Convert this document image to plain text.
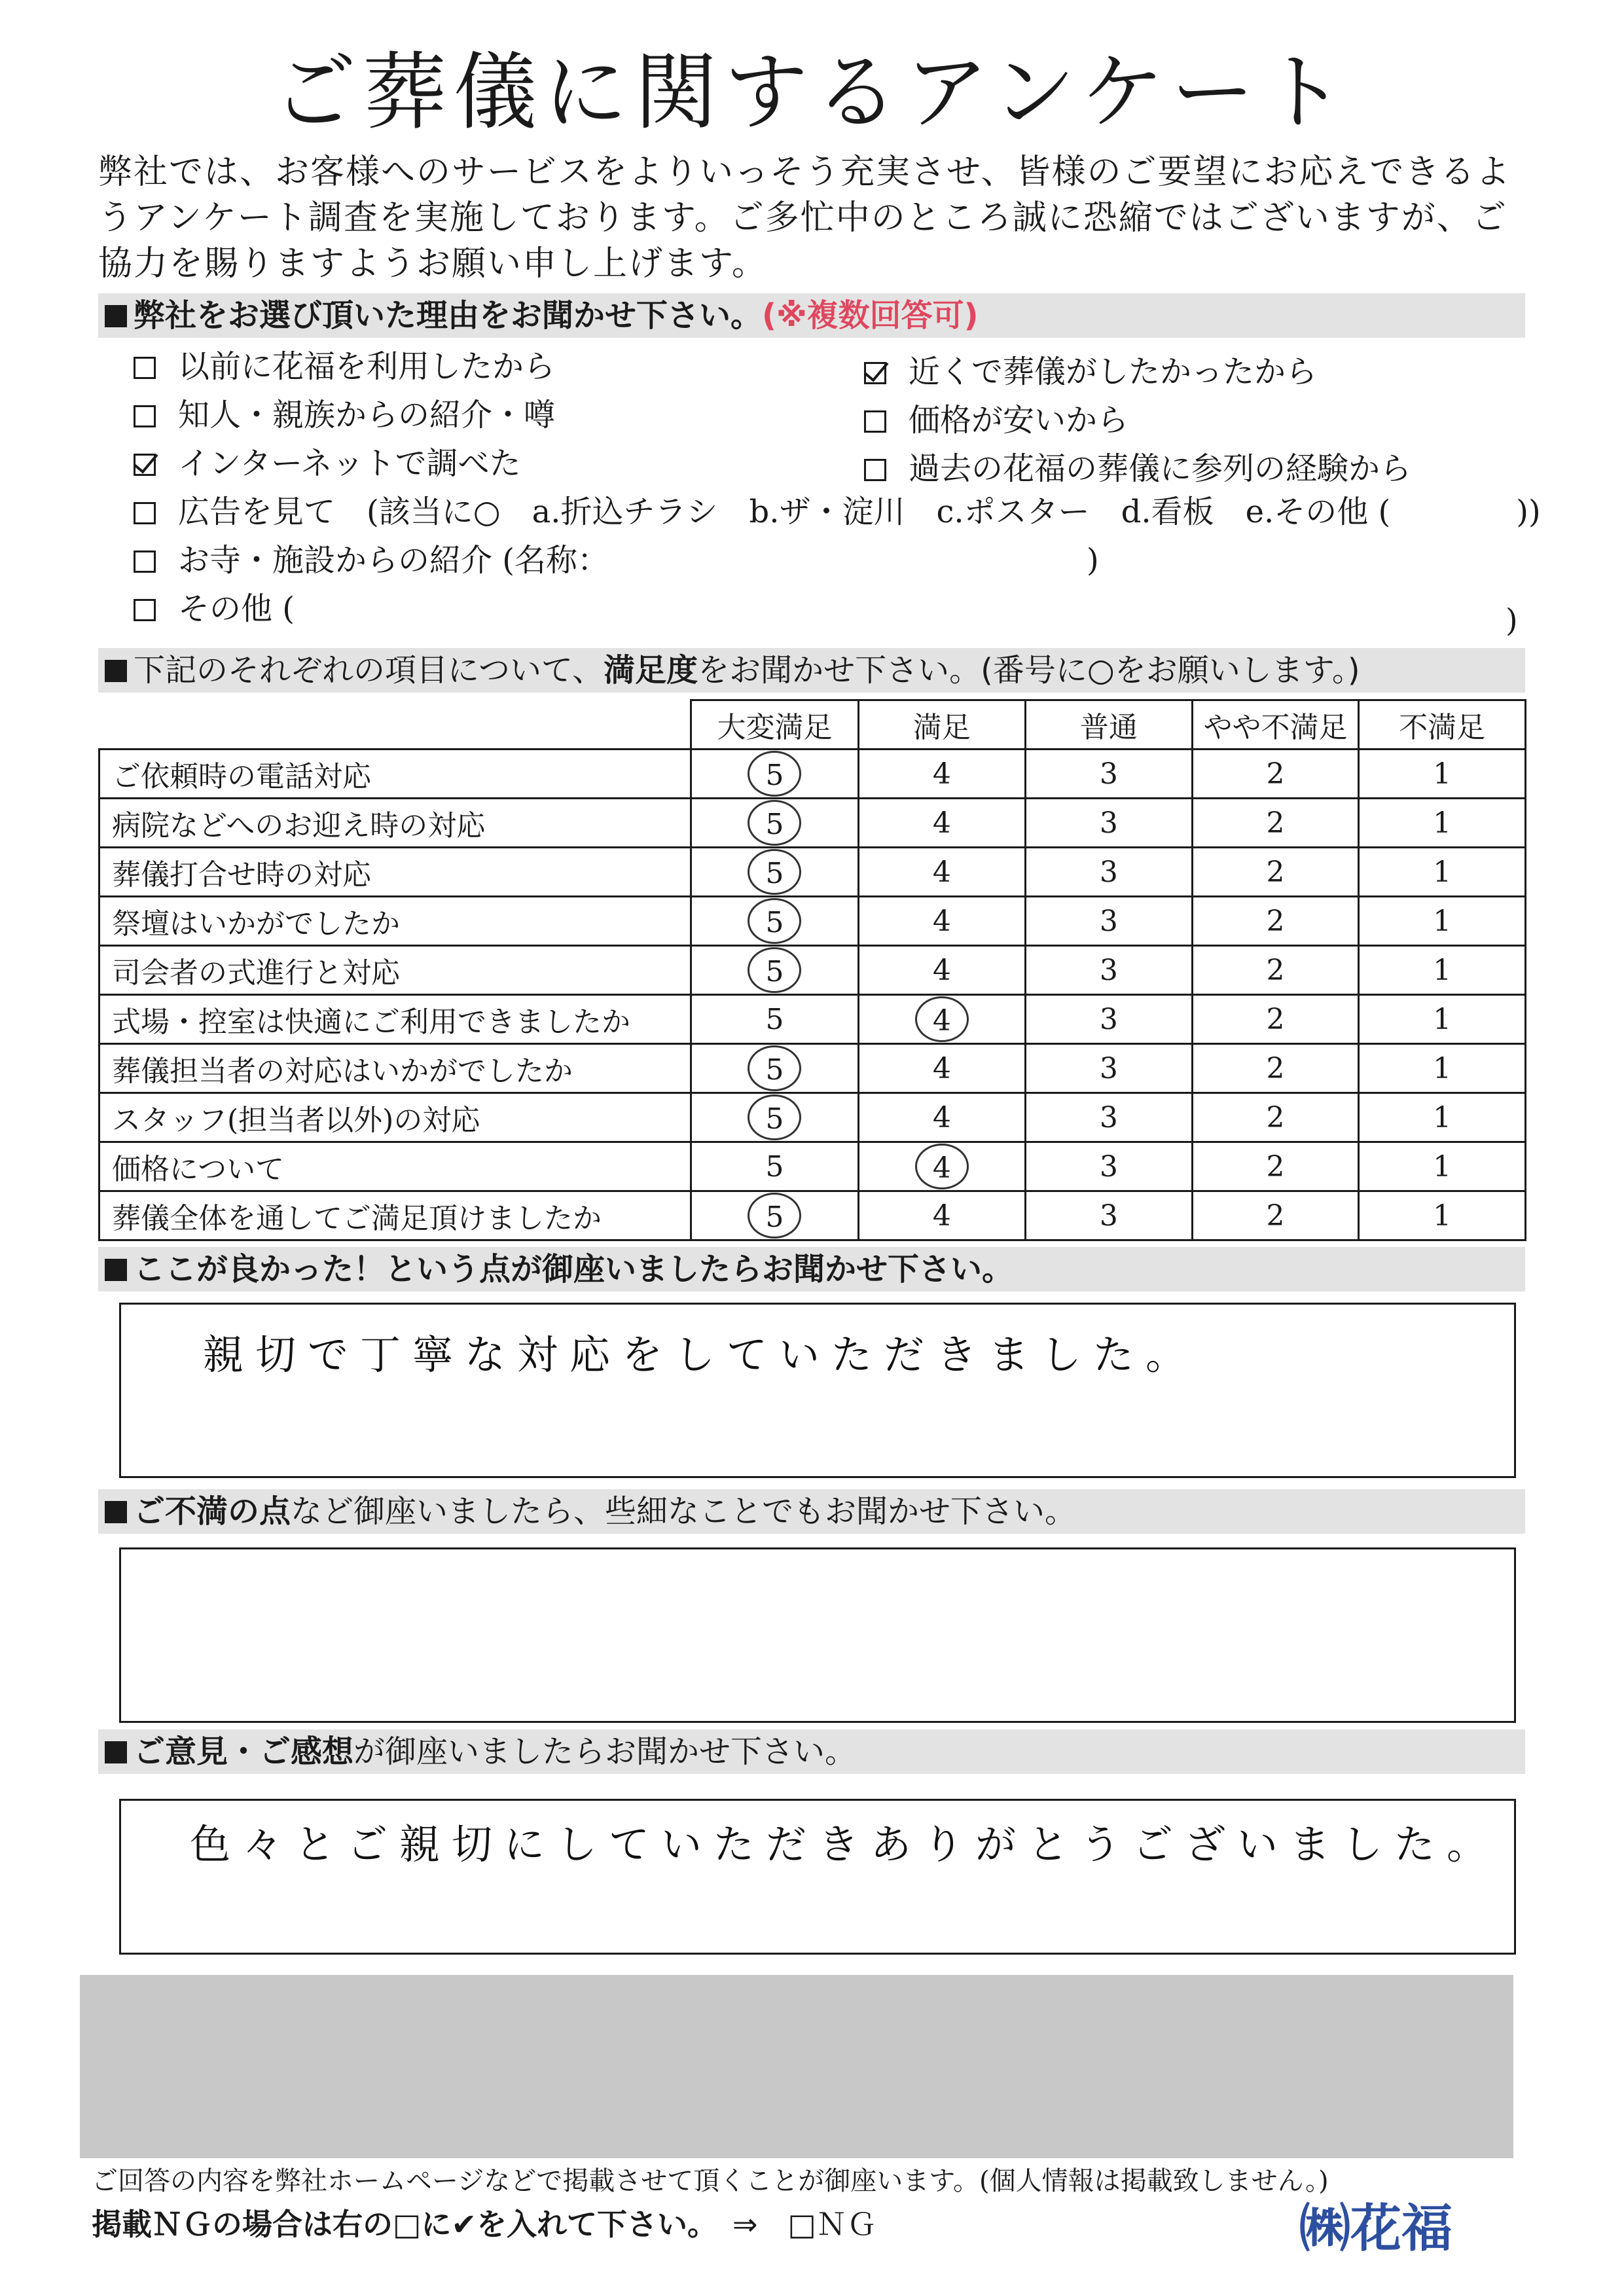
ご葬儀に関するアンケート
弊社では、お客様へのサービスをよりいっそう充実させ、皆様のご要望にお応えできるようアンケート調査を実施しております。ご多忙中のところ誠に恐縮ではございますが、ご協力を賜りますようお願い申し上げます。
弊社をお選び頂いた理由をお聞かせ下さい。(※複数回答可)
以前に花福を利用したから
知人・親族からの紹介・噂
インターネットで調べた
広告を見て　(該当に○　a.折込チラシ　b.ザ・淀川　c.ポスター　d.看板　e.その他 (　　　　))
お寺・施設からの紹介 (名称：	)
その他 (	)
近くで葬儀がしたかったから
価格が安いから
過去の花福の葬儀に参列の経験から
下記のそれぞれの項目について、満足度をお聞かせ下さい。(番号に○をお願いします。)
	大変満足	満足	普通	やや不満足	不満足
ご依頼時の電話対応	5	4	3	2	1
病院などへのお迎え時の対応	5	4	3	2	1
葬儀打合せ時の対応	5	4	3	2	1
祭壇はいかがでしたか	5	4	3	2	1
司会者の式進行と対応	5	4	3	2	1
式場・控室は快適にご利用できましたか	5	4	3	2	1
葬儀担当者の対応はいかがでしたか	5	4	3	2	1
スタッフ(担当者以外)の対応	5	4	3	2	1
価格について	5	4	3	2	1
葬儀全体を通してご満足頂けましたか	5	4	3	2	1
ここが良かった！という点が御座いましたらお聞かせ下さい。
親切で丁寧な対応をしていただきました。
ご不満の点など御座いましたら、些細なことでもお聞かせ下さい。
ご意見・ご感想が御座いましたらお聞かせ下さい。
色々とご親切にしていただきありがとうございました。
ご回答の内容を弊社ホームページなどで掲載させて頂くことが御座います。(個人情報は掲載致しません。)
掲載ＮＧの場合は右の□に✔を入れて下さい。　 ⇒　□ＮＧ	㈱花福
